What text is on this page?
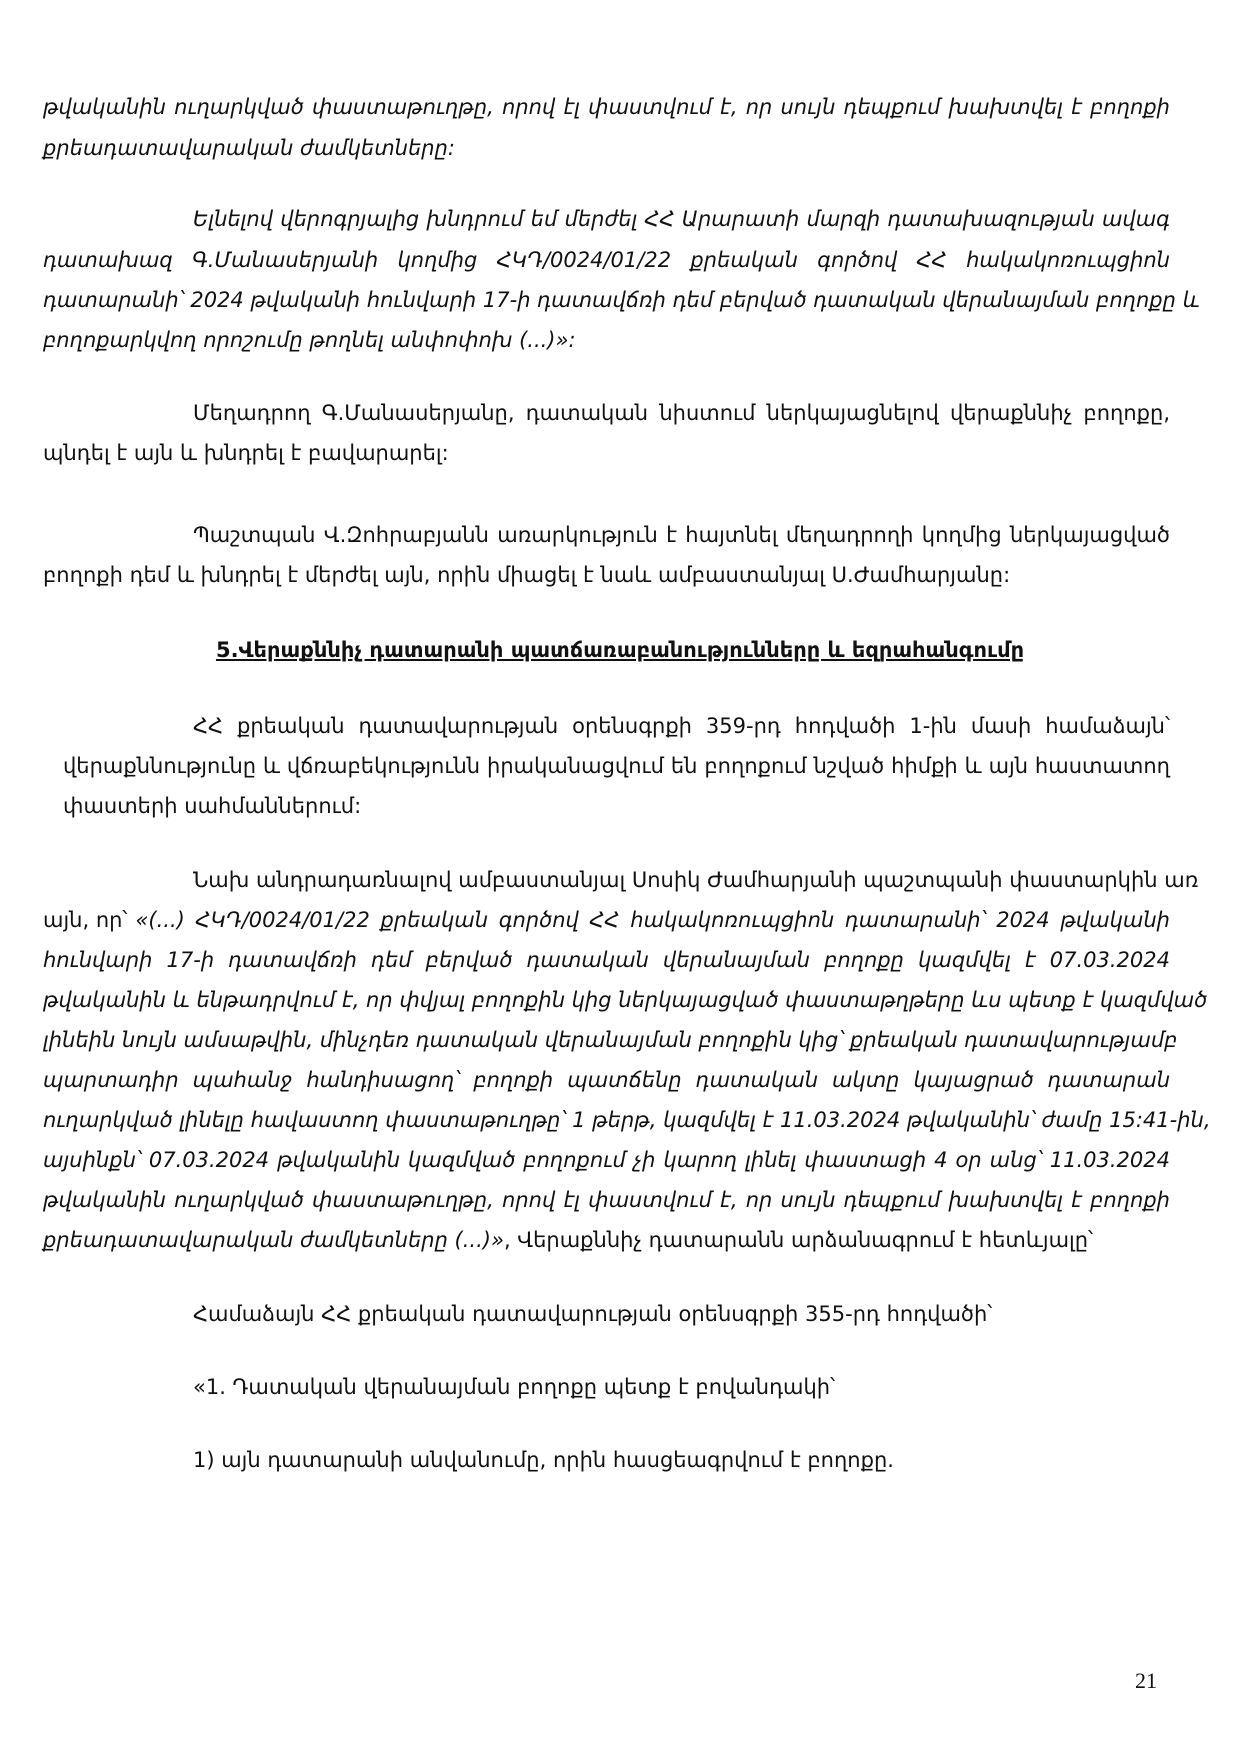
թվականին ուղարկված փաստաթուղթը, որով էլ փաստվում է, որ սույն դեպքում խախտվել է բողոքի
քրեադատավարական ժամկետները:
Ելնելով վերոգրյալից խնդրում եմ մերժել ՀՀ Արարատի մարզի դատախազության ավագ
դատախազ Գ.Մանասերյանի կողմից ՀԿԴ/0024/01/22 քրեական գործով ՀՀ հակակոռուպցիոն
դատարանի՝ 2024 թվականի հունվարի 17-ի դատավճռի դեմ բերված դատական վերանայման բողոքը և
բողոքարկվող որոշումը թողնել անփոփոխ (...)»:
Մեղադրող Գ.Մանասերյանը, դատական նիստում ներկայացնելով վերաքննիչ բողոքը,
պնդել է այն և խնդրել է բավարարել:
Պաշտպան Վ.Զոհրաբյանն առարկություն է հայտնել մեղադրողի կողմից ներկայացված
բողոքի դեմ և խնդրել է մերժել այն, որին միացել է նաև ամբաստանյալ Ս.Ժամհարյանը:
5.Վերաքննիչ դատարանի պատճառաբանությունները և եզրահանգումը
ՀՀ քրեական դատավարության օրենսգրքի 359-րդ հոդվածի 1-ին մասի համաձայն՝
վերաքննությունը և վճռաբեկությունն իրականացվում են բողոքում նշված հիմքի և այն հաստատող
փաստերի սահմաններում:
Նախ անդրադառնալով ամբաստանյալ Սոսիկ Ժամհարյանի պաշտպանի փաստարկին առ
այն, որ՝ «(...) ՀԿԴ/0024/01/22 քրեական գործով ՀՀ հակակոռուպցիոն դատարանի՝ 2024 թվականի
հունվարի 17-ի դատավճռի դեմ բերված դատական վերանայման բողոքը կազմվել է 07.03.2024
թվականին և ենթադրվում է, որ փվյալ բողոքին կից ներկայացված փաստաթղթերը ևս պետք է կազմված
լինեին նույն ամսաթվին, մինչդեռ դատական վերանայման բողոքին կից՝ քրեական դատավարությամբ
պարտադիր պահանջ հանդիսացող՝ բողոքի պատճենը դատական ակտը կայացրած դատարան
ուղարկված լինելը հավաստող փաստաթուղթը՝ 1 թերթ, կազմվել է 11.03.2024 թվականին՝ ժամը 15:41-ին,
այսինքն՝ 07.03.2024 թվականին կազմված բողոքում չի կարող լինել փաստացի 4 օր անց՝ 11.03.2024
թվականին ուղարկված փաստաթուղթը, որով էլ փաստվում է, որ սույն դեպքում խախտվել է բողոքի
քրեադատավարական ժամկետները (...)», Վերաքննիչ դատարանն արձանագրում է հետևյալը՝
Համաձայն ՀՀ քրեական դատավարության օրենսգրքի 355-րդ հոդվածի՝
«1. Դատական վերանայման բողոքը պետք է բովանդակի՝
1) այն դատարանի անվանումը, որին հասցեագրվում է բողոքը.
21
